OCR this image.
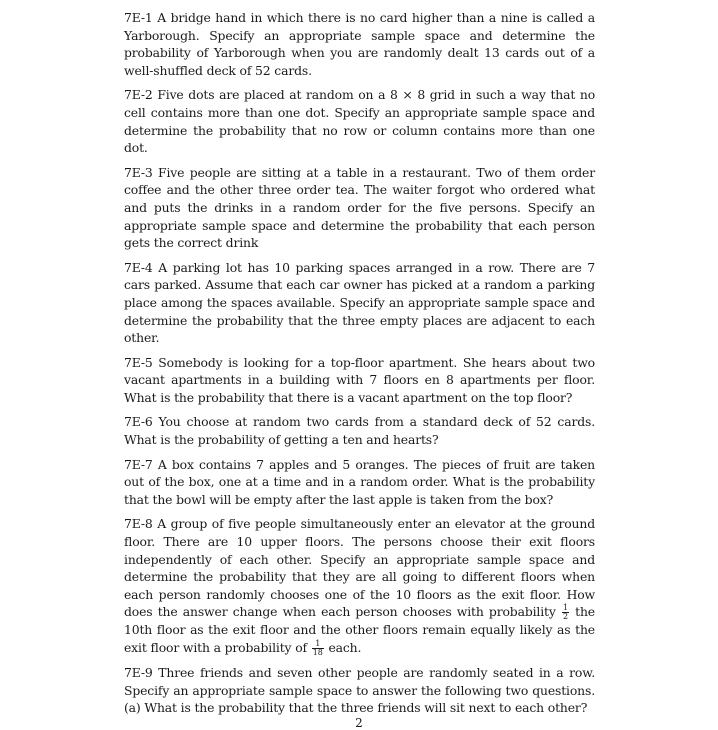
7E-1 A bridge hand in which there is no card higher than a nine is called a Yarborough. Specify an appropriate sample space and determine the probability of Yarborough when you are randomly dealt 13 cards out of a well-shuffled deck of 52 cards.

7E-2 Five dots are placed at random on a 8 × 8 grid in such a way that no cell contains more than one dot. Specify an appropriate sample space and determine the probability that no row or column contains more than one dot.

7E-3 Five people are sitting at a table in a restaurant. Two of them order coffee and the other three order tea. The waiter forgot who ordered what and puts the drinks in a random order for the five persons. Specify an appropriate sample space and determine the probability that each person gets the correct drink

7E-4 A parking lot has 10 parking spaces arranged in a row. There are 7 cars parked. Assume that each car owner has picked at a random a parking place among the spaces available. Specify an appropriate sample space and determine the probability that the three empty places are adjacent to each other.

7E-5 Somebody is looking for a top-floor apartment. She hears about two vacant apartments in a building with 7 floors en 8 apartments per floor. What is the probability that there is a vacant apartment on the top floor?

7E-6 You choose at random two cards from a standard deck of 52 cards. What is the probability of getting a ten and hearts?

7E-7 A box contains 7 apples and 5 oranges. The pieces of fruit are taken out of the box, one at a time and in a random order. What is the probability that the bowl will be empty after the last apple is taken from the box?

7E-8 A group of five people simultaneously enter an elevator at the ground floor. There are 10 upper floors. The persons choose their exit floors independently of each other. Specify an appropriate sample space and determine the probability that they are all going to different floors when each person randomly chooses one of the 10 floors as the exit floor. How does the answer change when each person chooses with probability $\frac{1}{2}$ the 10th floor as the exit floor and the other floors remain equally likely as the exit floor with a probability of $\frac{1}{18}$ each.

7E-9 Three friends and seven other people are randomly seated in a row. Specify an appropriate sample space to answer the following two questions. (a) What is the probability that the three friends will sit next to each other?

2
